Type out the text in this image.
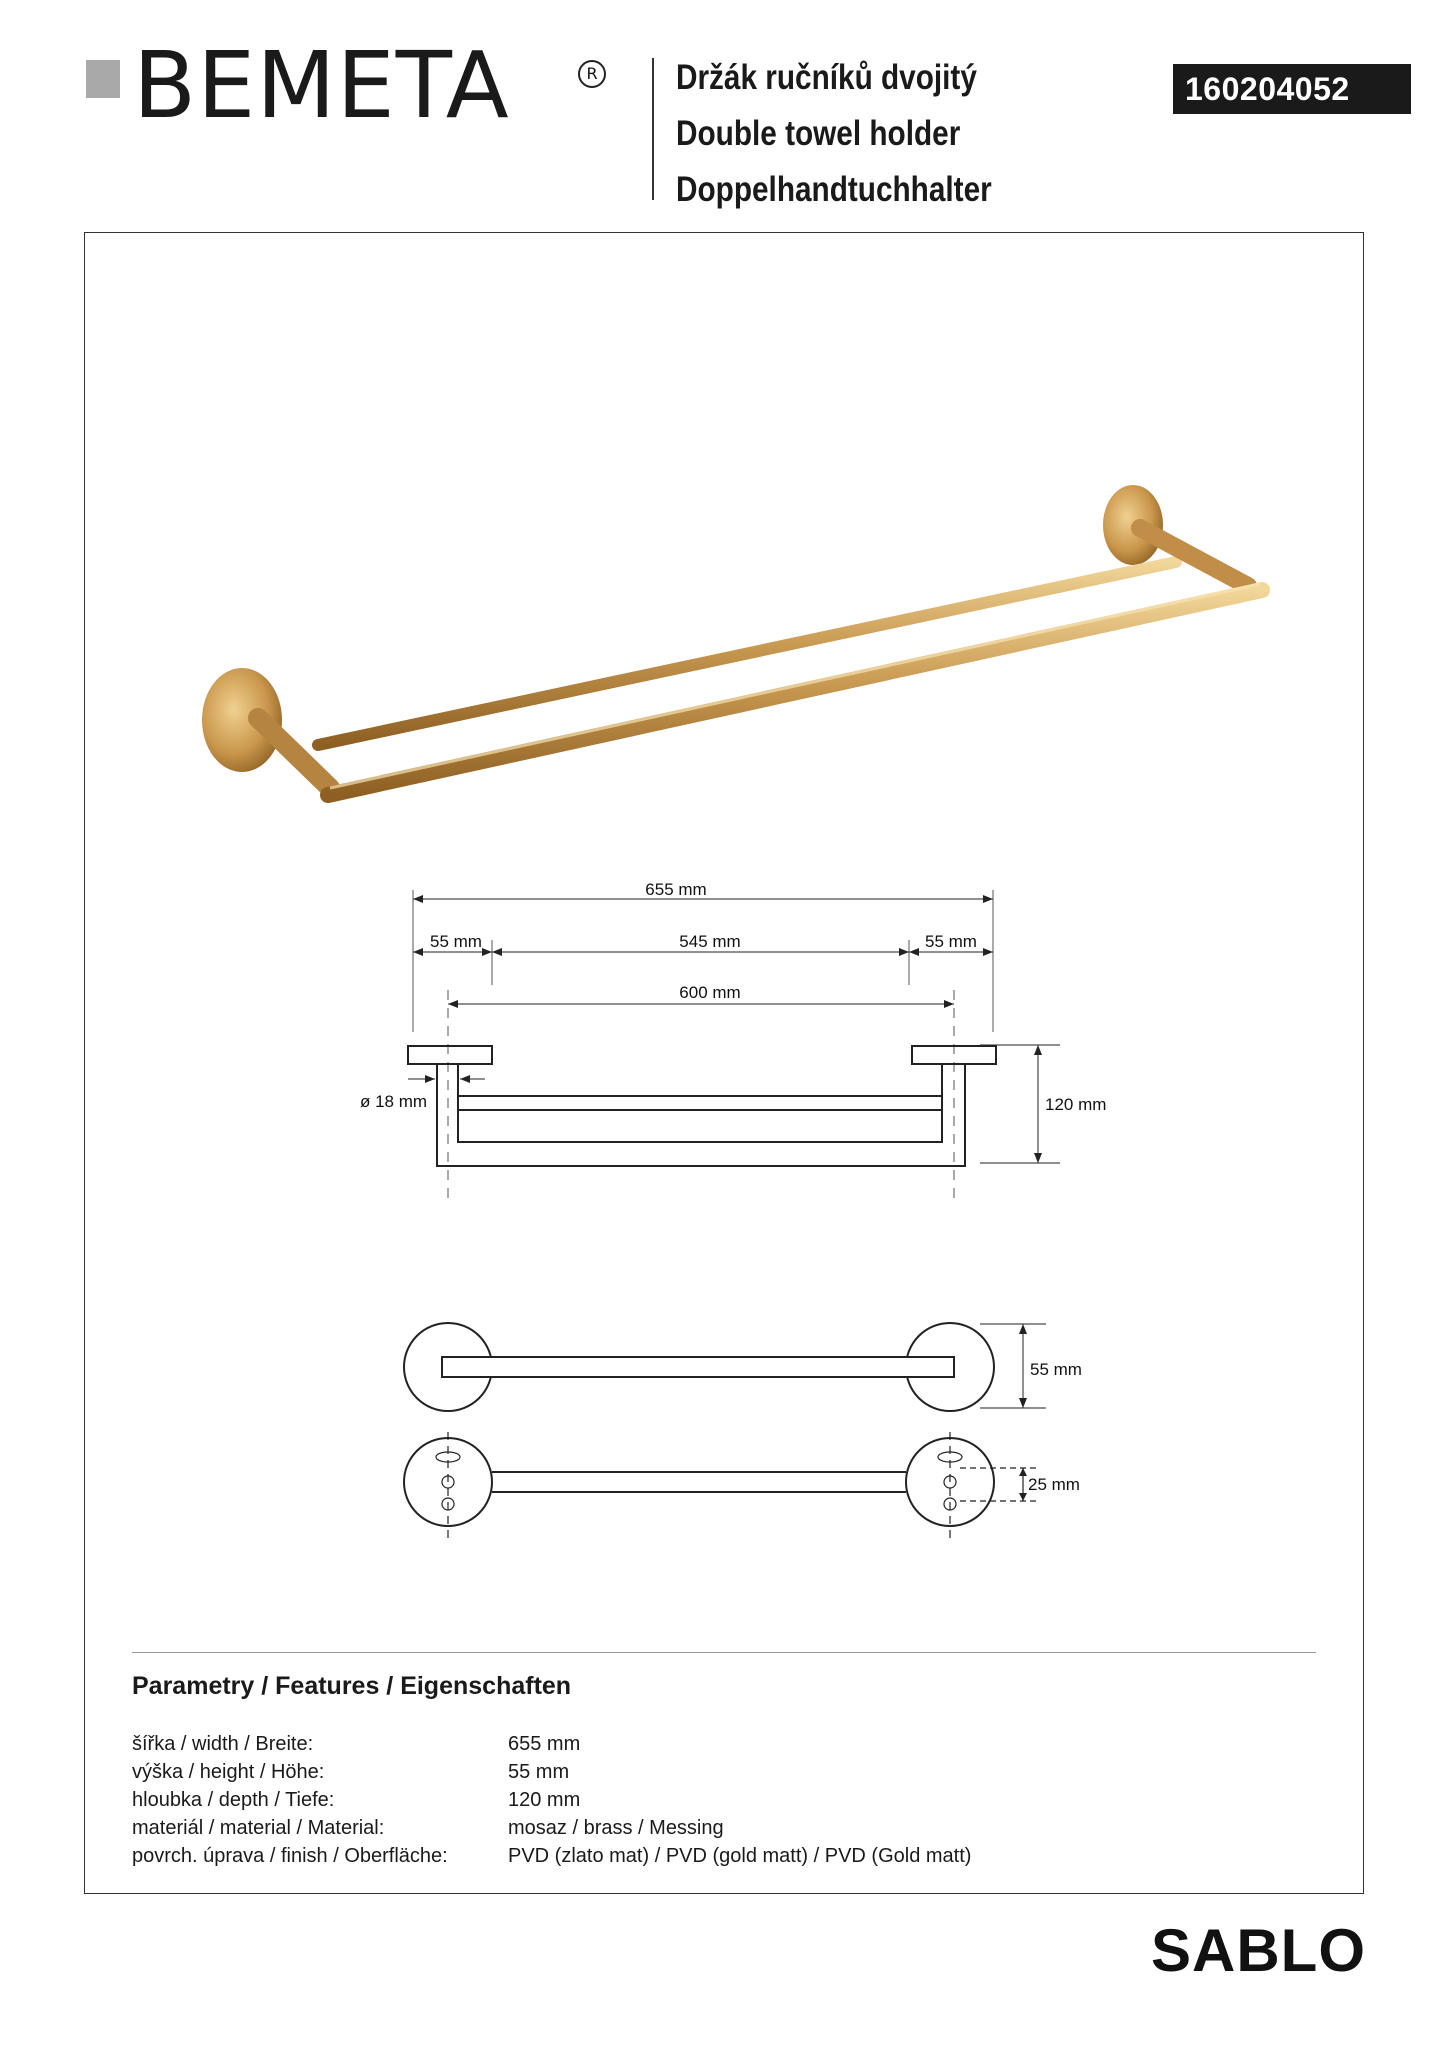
BEMETA	R Držák ručníků dvojitý
Double towel holder
Doppelhandtuchhalter
160204052
655 mm
55 mm	545 mm	55 mm
600 mm
ø 18 mm	120 mm
55 mm
25 mm
Parametry / Features / Eigenschaften
šířka / width / Breite:	655 mm
výška / height / Höhe:	55 mm
hloubka / depth / Tiefe:	120 mm
materiál / material / Material:	mosaz / brass / Messing
povrch. úprava / finish / Oberfläche:	PVD (zlato mat) / PVD (gold matt) / PVD (Gold matt)
SABLO
